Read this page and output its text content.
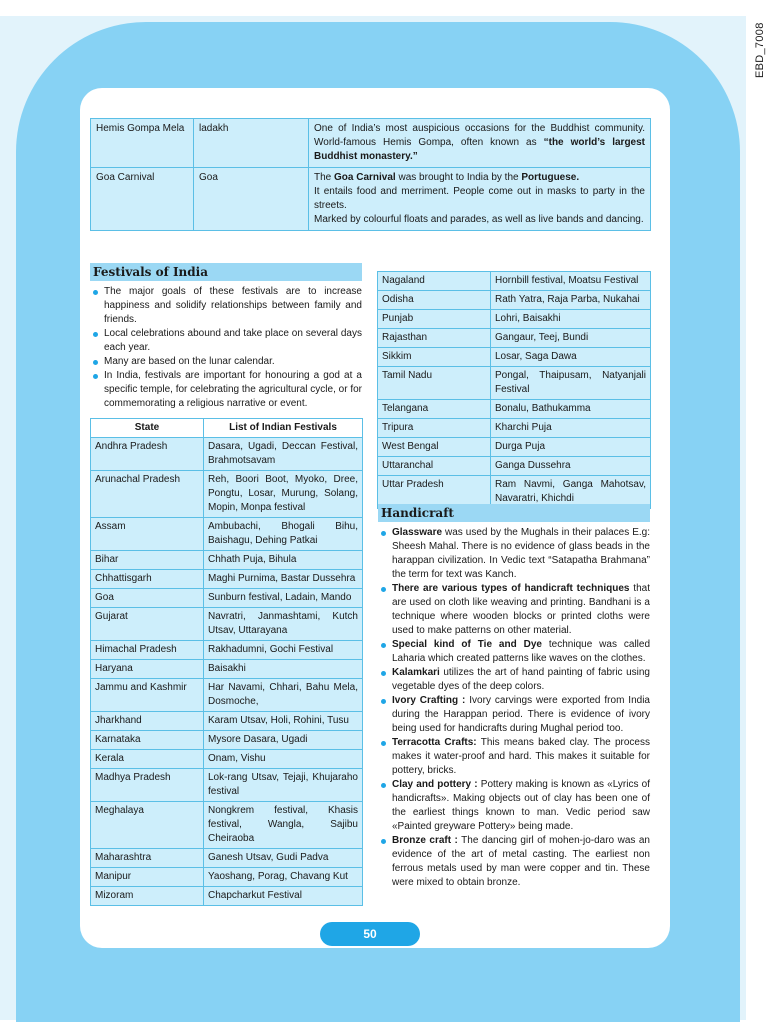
EBD_7008
Hemis Gompa Mela	ladakh	One of India’s most auspicious occasions for the Buddhist community. World-famous Hemis Gompa, often known as “the world’s largest Buddhist monastery.”
Goa Carnival	Goa	The Goa Carnival was brought to India by the Portuguese.
It entails food and merriment. People come out in masks to party in the streets.
Marked by colourful floats and parades, as well as live bands and dancing.
Festivals of India
The major goals of these festivals are to increase happiness and solidify relationships between family and friends.
Local celebrations abound and take place on several days each year.
Many are based on the lunar calendar.
In India, festivals are important for honouring a god at a specific temple, for celebrating the agricultural cycle, or for commemorating a religious narrative or event.
State	List of Indian Festivals
Andhra Pradesh	Dasara, Ugadi, Deccan Festival, Brahmotsavam
Arunachal Pradesh	Reh, Boori Boot, Myoko, Dree, Pongtu, Losar, Murung, Solang, Mopin, Monpa festival
Assam	Ambubachi, Bhogali Bihu, Baishagu, Dehing Patkai
Bihar	Chhath Puja, Bihula
Chhattisgarh	Maghi Purnima, Bastar Dussehra
Goa	Sunburn festival, Ladain, Mando
Gujarat	Navratri, Janmashtami, Kutch Utsav, Uttarayana
Himachal Pradesh	Rakhadumni, Gochi Festival
Haryana	Baisakhi
Jammu and Kashmir	Har Navami, Chhari, Bahu Mela, Dosmoche,
Jharkhand	Karam Utsav, Holi, Rohini, Tusu
Karnataka	Mysore Dasara, Ugadi
Kerala	Onam, Vishu
Madhya Pradesh	Lok-rang Utsav, Tejaji, Khujaraho festival
Meghalaya	Nongkrem festival, Khasis festival, Wangla, Sajibu Cheiraoba
Maharashtra	Ganesh Utsav, Gudi Padva
Manipur	Yaoshang, Porag, Chavang Kut
Mizoram	Chapcharkut Festival
Nagaland	Hornbill festival, Moatsu Festival
Odisha	Rath Yatra, Raja Parba, Nukahai
Punjab	Lohri, Baisakhi
Rajasthan	Gangaur, Teej, Bundi
Sikkim	Losar, Saga Dawa
Tamil Nadu	Pongal, Thaipusam, Natyanjali Festival
Telangana	Bonalu, Bathukamma
Tripura	Kharchi Puja
West Bengal	Durga Puja
Uttaranchal	Ganga Dussehra
Uttar Pradesh	Ram Navmi, Ganga Mahotsav, Navaratri, Khichdi
Handicraft
Glassware was used by the Mughals in their palaces E.g: Sheesh Mahal. There is no evidence of glass beads in the harappan civilization. In Vedic text “Satapatha Brahmana” the term for text was Kanch.
There are various types of handicraft techniques that are used on cloth like weaving and printing. Bandhani is a technique where wooden blocks or printed cloths were used to make patterns on other material.
Special kind of Tie and Dye technique was called Laharia which created patterns like waves on the clothes.
Kalamkari utilizes the art of hand painting of fabric using vegetable dyes of the deep colors.
Ivory Crafting : Ivory carvings were exported from India during the Harappan period. There is evidence of ivory being used for handicrafts during Mughal period too.
Terracotta Crafts: This means baked clay. The process makes it water-proof and hard. This makes it suitable for pottery, bricks.
Clay and pottery : Pottery making is known as «Lyrics of handicrafts». Making objects out of clay has been one of the earliest things known to man. Vedic period saw «Painted greyware Pottery» being made.
Bronze craft : The dancing girl of mohen-jo-daro was an evidence of the art of metal casting. The earliest non ferrous metals used by man were copper and tin. These were mixed to obtain bronze.
50
